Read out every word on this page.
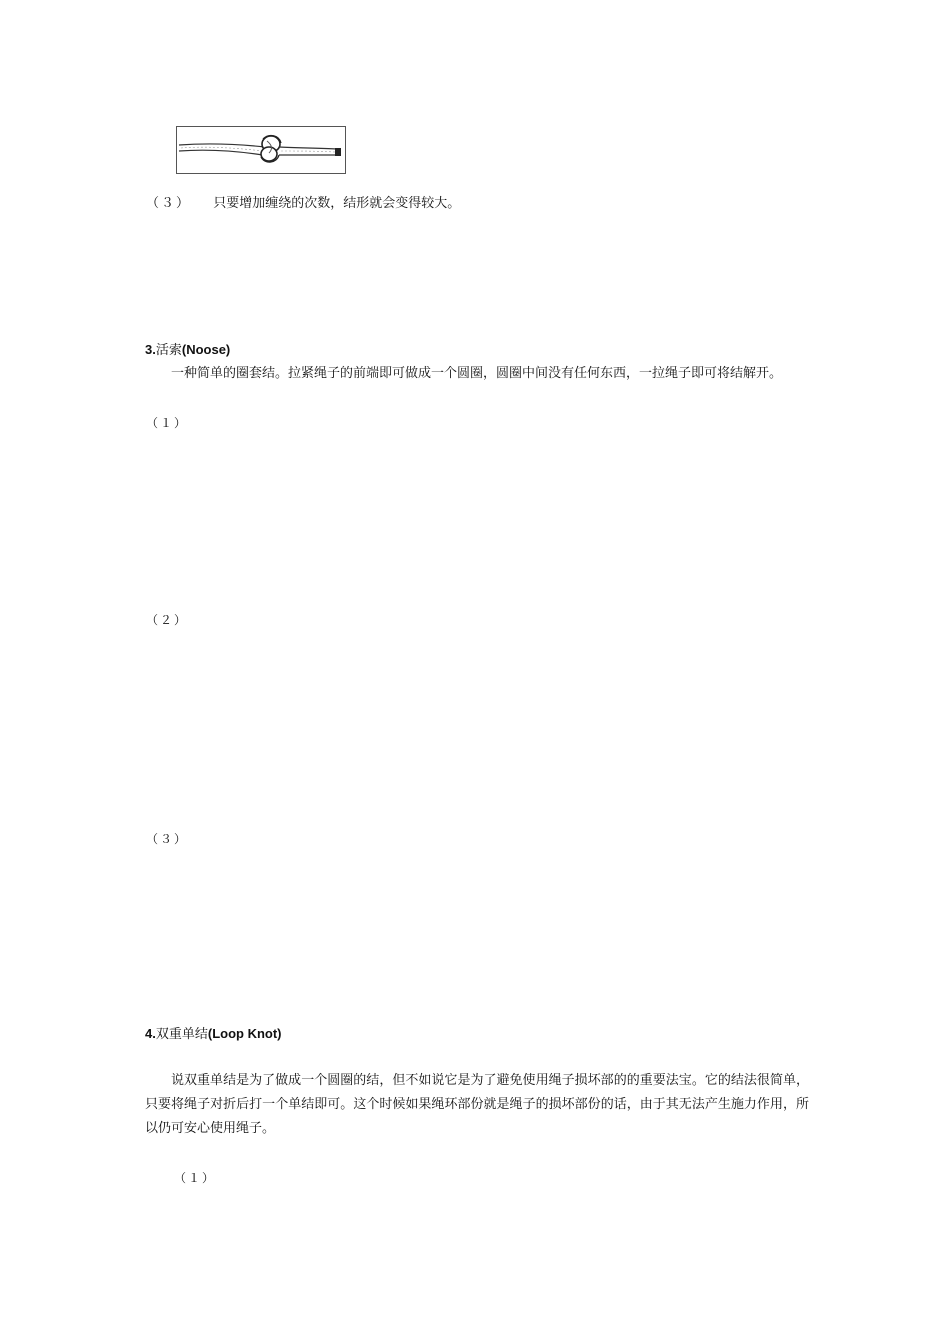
（３） 只要增加缠绕的次数，结形就会变得较大。
3.活索(Noose)
一种简单的圈套结。拉紧绳子的前端即可做成一个圆圈，圆圈中间没有任何东西，一拉绳子即可将结解开。
（１）
（２）
（３）
4.双重单结(Loop Knot)
说双重单结是为了做成一个圆圈的结，但不如说它是为了避免使用绳子损坏部的的重要法宝。它的结法很简单，只要将绳子对折后打一个单结即可。这个时候如果绳环部份就是绳子的损坏部份的话，由于其无法产生施力作用，所以仍可安心使用绳子。
（１）
